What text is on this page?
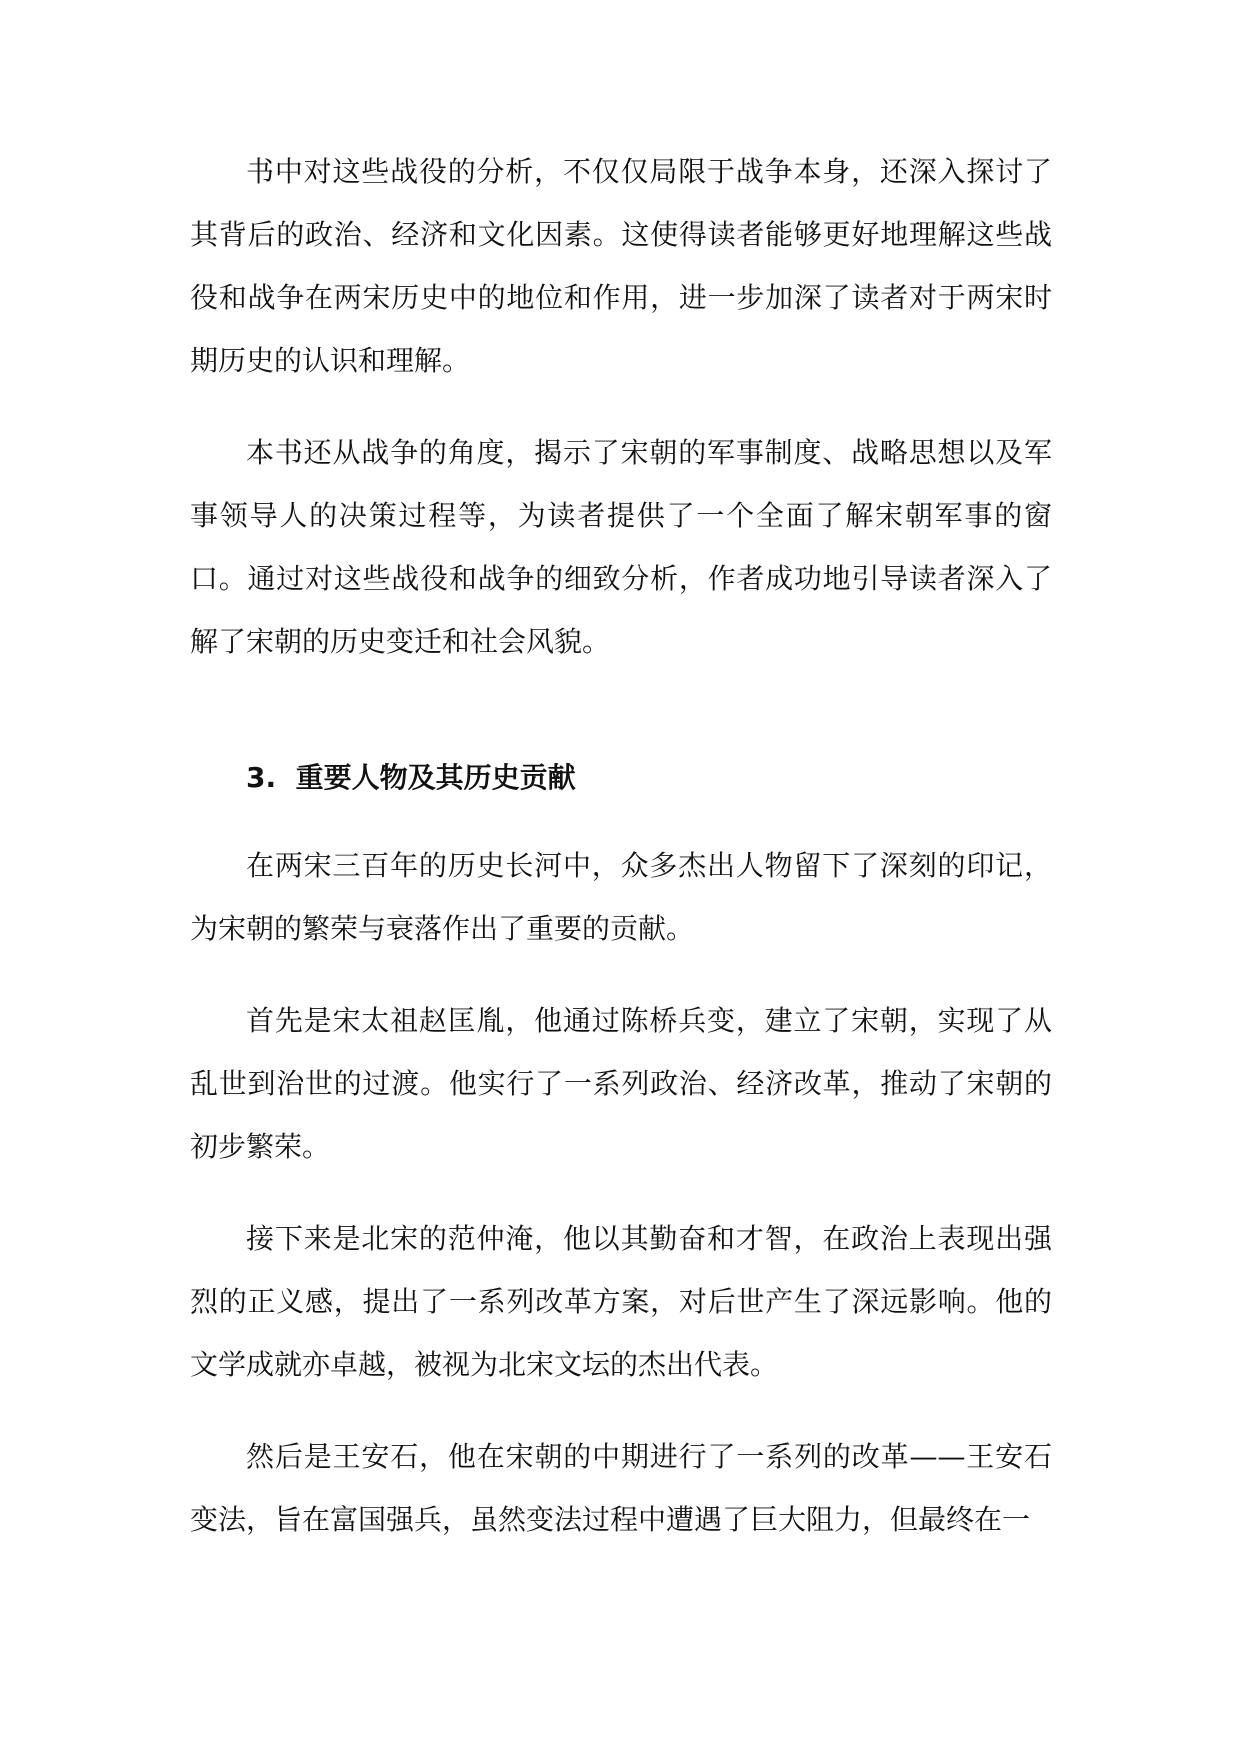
书中对这些战役的分析，不仅仅局限于战争本身，还深入探讨了其背后的政治、经济和文化因素。这使得读者能够更好地理解这些战役和战争在两宋历史中的地位和作用，进一步加深了读者对于两宋时期历史的认识和理解。

本书还从战争的角度，揭示了宋朝的军事制度、战略思想以及军事领导人的决策过程等，为读者提供了一个全面了解宋朝军事的窗口。通过对这些战役和战争的细致分析，作者成功地引导读者深入了解了宋朝的历史变迁和社会风貌。

3. 重要人物及其历史贡献

在两宋三百年的历史长河中，众多杰出人物留下了深刻的印记，为宋朝的繁荣与衰落作出了重要的贡献。

首先是宋太祖赵匡胤，他通过陈桥兵变，建立了宋朝，实现了从乱世到治世的过渡。他实行了一系列政治、经济改革，推动了宋朝的初步繁荣。

接下来是北宋的范仲淹，他以其勤奋和才智，在政治上表现出强烈的正义感，提出了一系列改革方案，对后世产生了深远影响。他的文学成就亦卓越，被视为北宋文坛的杰出代表。

然后是王安石，他在宋朝的中期进行了一系列的改革——王安石变法，旨在富国强兵，虽然变法过程中遭遇了巨大阻力，但最终在一
